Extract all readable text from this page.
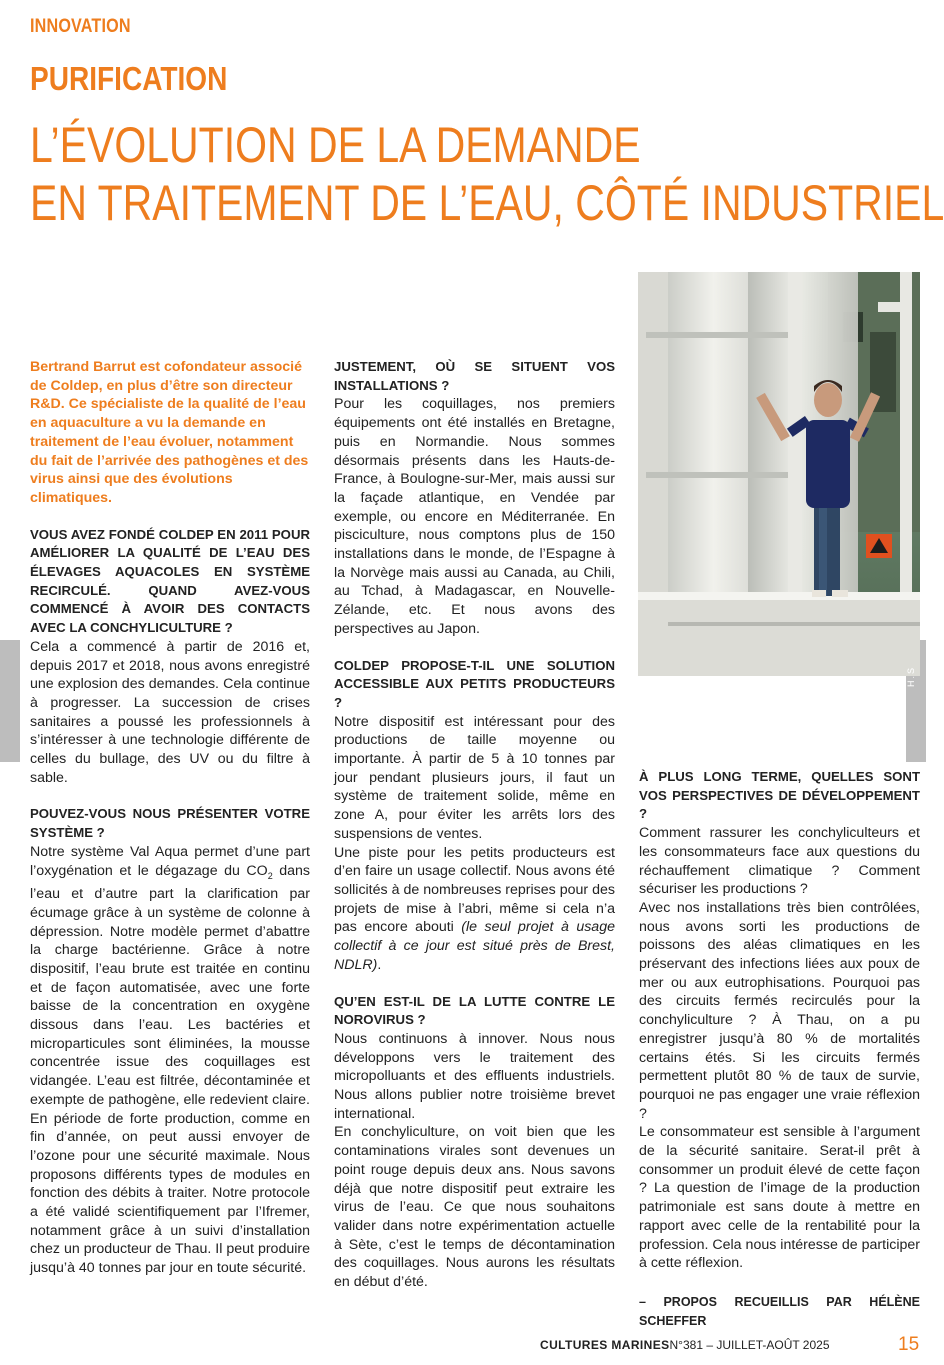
INNOVATION
PURIFICATION
L’ÉVOLUTION DE LA DEMANDE
EN TRAITEMENT DE L’EAU, CÔTÉ INDUSTRIEL
H.S

Bertrand Barrut est cofondateur associé de Coldep, en plus d’être son directeur R&D. Ce spécialiste de la qualité de l’eau en aquaculture a vu la demande en traitement de l’eau évoluer, notamment du fait de l’arrivée des pathogènes et des virus ainsi que des évolutions climatiques.

VOUS AVEZ FONDÉ COLDEP EN 2011 POUR AMÉLIORER LA QUALITÉ DE L’EAU DES ÉLEVAGES AQUACOLES EN SYSTÈME RECIRCULÉ. QUAND AVEZ-VOUS COMMENCÉ À AVOIR DES CONTACTS AVEC LA CONCHYLICULTURE ?

Cela a commencé à partir de 2016 et, depuis 2017 et 2018, nous avons enregistré une explosion des demandes. Cela continue à progresser. La succession de crises sanitaires a poussé les professionnels à s’intéresser à une technologie différente de celles du bullage, des UV ou du filtre à sable.

POUVEZ-VOUS NOUS PRÉSENTER VOTRE SYSTÈME ?

Notre système Val Aqua permet d’une part l’oxygénation et le dégazage du $CO_2$ dans l’eau et d’autre part la clarification par écumage grâce à un système de colonne à dépression. Notre modèle permet d’abattre la charge bactérienne. Grâce à notre dispositif, l’eau brute est traitée en continu et de façon automatisée, avec une forte baisse de la concentration en oxygène dissous dans l’eau. Les bactéries et microparticules sont éliminées, la mousse concentrée issue des coquillages est vidangée. L’eau est filtrée, décontaminée et exempte de pathogène, elle redevient claire. En période de forte production, comme en fin d’année, on peut aussi envoyer de l’ozone pour une sécurité maximale. Nous proposons différents types de modules en fonction des débits à traiter. Notre protocole a été validé scientifiquement par l’Ifremer, notamment grâce à un suivi d’installation chez un producteur de Thau. Il peut produire jusqu’à 40 tonnes par jour en toute sécurité.

JUSTEMENT, OÙ SE SITUENT VOS INSTALLATIONS ?

Pour les coquillages, nos premiers équipements ont été installés en Bretagne, puis en Normandie. Nous sommes désormais présents dans les Hauts-de-France, à Boulogne-sur-Mer, mais aussi sur la façade atlantique, en Vendée par exemple, ou encore en Méditerranée. En pisciculture, nous comptons plus de 150 installations dans le monde, de l’Espagne à la Norvège mais aussi au Canada, au Chili, au Tchad, à Madagascar, en Nouvelle-Zélande, etc. Et nous avons des perspectives au Japon.

COLDEP PROPOSE-T-IL UNE SOLUTION ACCESSIBLE AUX PETITS PRODUCTEURS ?

Notre dispositif est intéressant pour des productions de taille moyenne ou importante. À partir de 5 à 10 tonnes par jour pendant plusieurs jours, il faut un système de traitement solide, même en zone A, pour éviter les arrêts lors des suspensions de ventes.

Une piste pour les petits producteurs est d’en faire un usage collectif. Nous avons été sollicités à de nombreuses reprises pour des projets de mise à l’abri, même si cela n’a pas encore abouti (le seul projet à usage collectif à ce jour est situé près de Brest, NDLR).

QU’EN EST-IL DE LA LUTTE CONTRE LE NOROVIRUS ?

Nous continuons à innover. Nous nous développons vers le traitement des micropolluants et des effluents industriels. Nous allons publier notre troisième brevet international.

En conchyliculture, on voit bien que les contaminations virales sont devenues un point rouge depuis deux ans. Nous savons déjà que notre dispositif peut extraire les virus de l’eau. Ce que nous souhaitons valider dans notre expérimentation actuelle à Sète, c’est le temps de décontamination des coquillages. Nous aurons les résultats en début d’été.

À PLUS LONG TERME, QUELLES SONT VOS PERSPECTIVES DE DÉVELOPPEMENT ?

Comment rassurer les conchyliculteurs et les consommateurs face aux questions du réchauffement climatique ? Comment sécuriser les productions ?

Avec nos installations très bien contrôlées, nous avons sorti les productions de poissons des aléas climatiques en les préservant des infections liées aux poux de mer ou aux eutrophisations. Pourquoi pas des circuits fermés recirculés pour la conchyliculture ? À Thau, on a pu enregistrer jusqu’à 80 % de mortalités certains étés. Si les circuits fermés permettent plutôt 80 % de taux de survie, pourquoi ne pas engager une vraie réflexion ?

Le consommateur est sensible à l’argument de la sécurité sanitaire. Serat-il prêt à consommer un produit élevé de cette façon ? La question de l’image de la production patrimoniale est sans doute à mettre en rapport avec celle de la rentabilité pour la profession. Cela nous intéresse de participer à cette réflexion.

– PROPOS RECUEILLIS PAR HÉLÈNE SCHEFFER

CULTURES MARINESN°381 – JUILLET-AOÛT 2025	15
